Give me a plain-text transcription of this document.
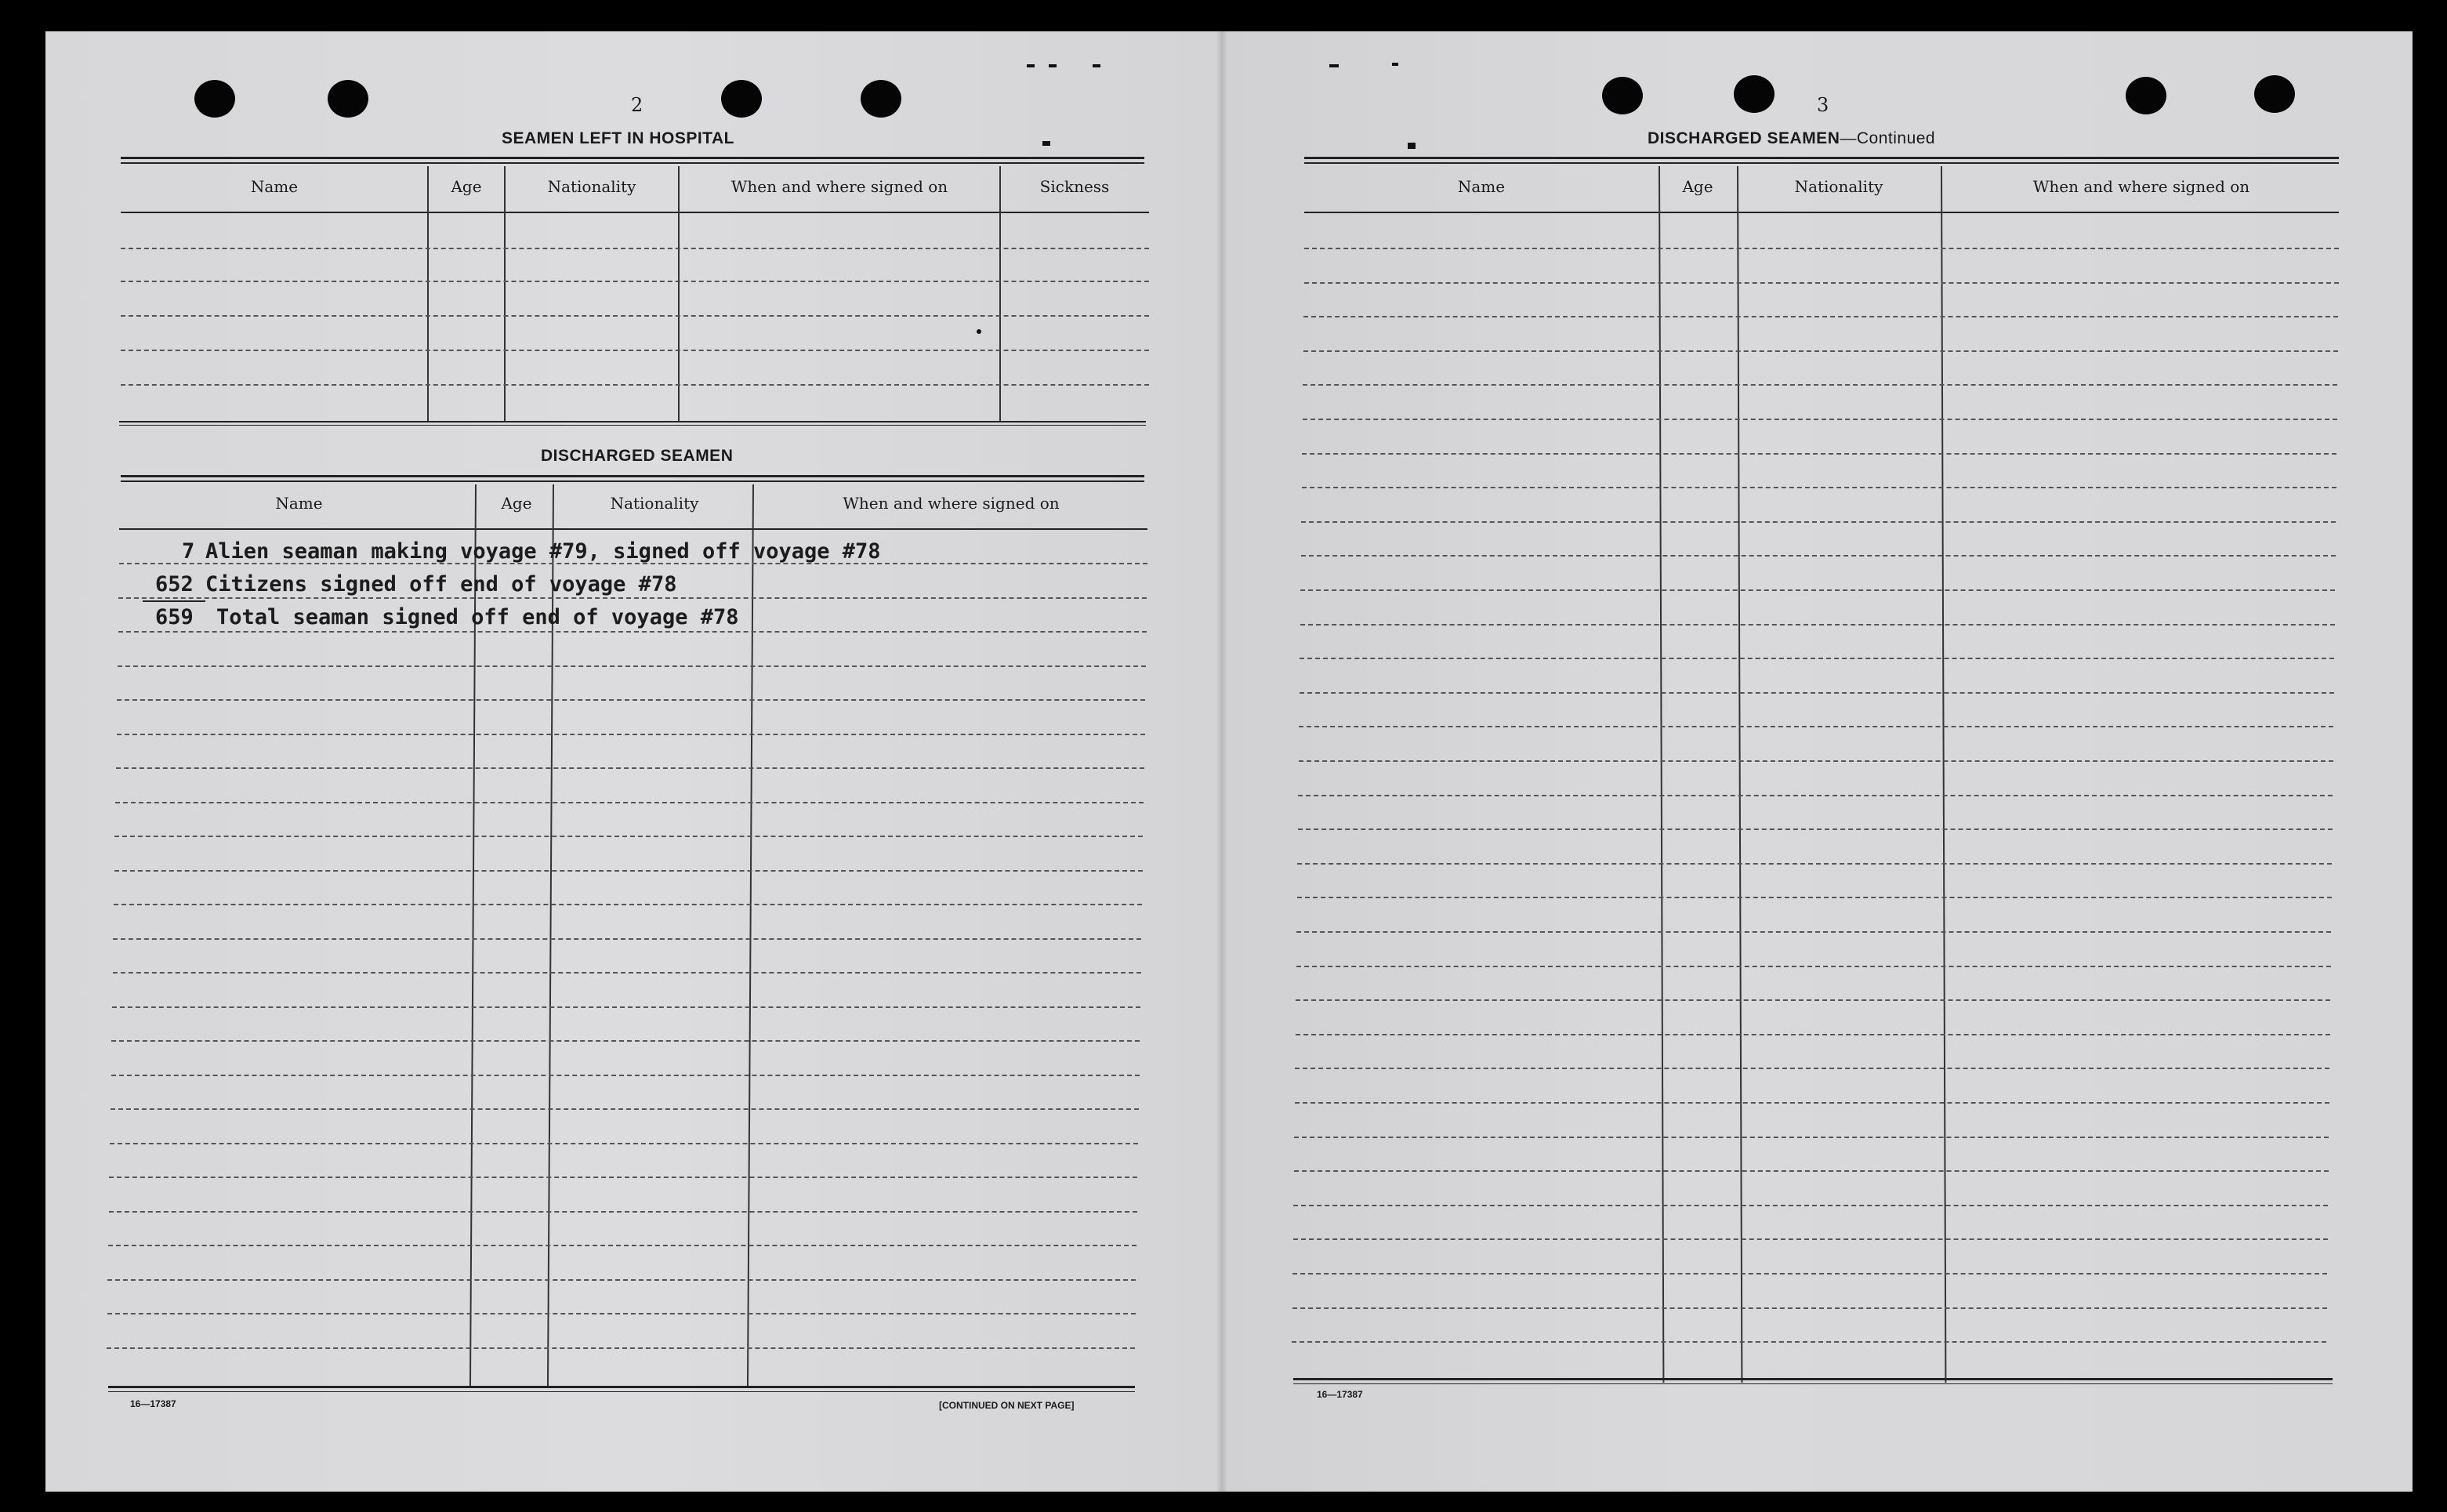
2
SEAMEN LEFT IN HOSPITAL
Name	Age	Nationality	When and where signed on	Sickness
DISCHARGED SEAMEN
Name	Age	Nationality	When and where signed on
7 Alien seaman making voyage #79, signed off voyage #78
652 Citizens signed off end of voyage #78
659 Total seaman signed off end of voyage #78
16—17387	[CONTINUED ON NEXT PAGE]
3
DISCHARGED SEAMEN—Continued
Name	Age	Nationality	When and where signed on
16—17387
